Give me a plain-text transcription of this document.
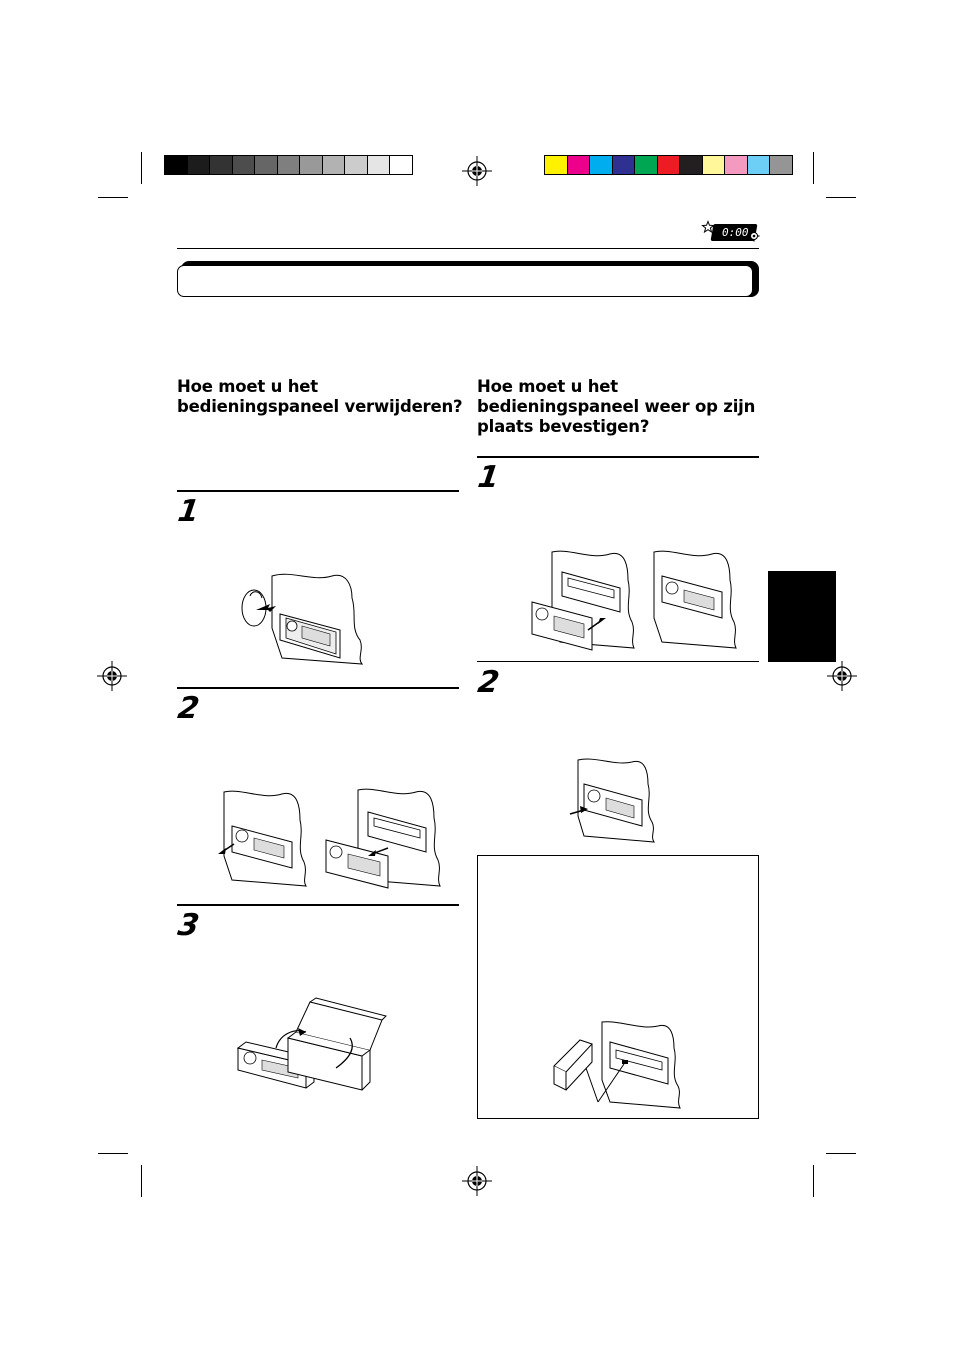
0:00
Hoe moet u het bedieningspaneel verwijderen?
1
2
3
Hoe moet u het bedieningspaneel weer op zijn plaats bevestigen?
1
2
